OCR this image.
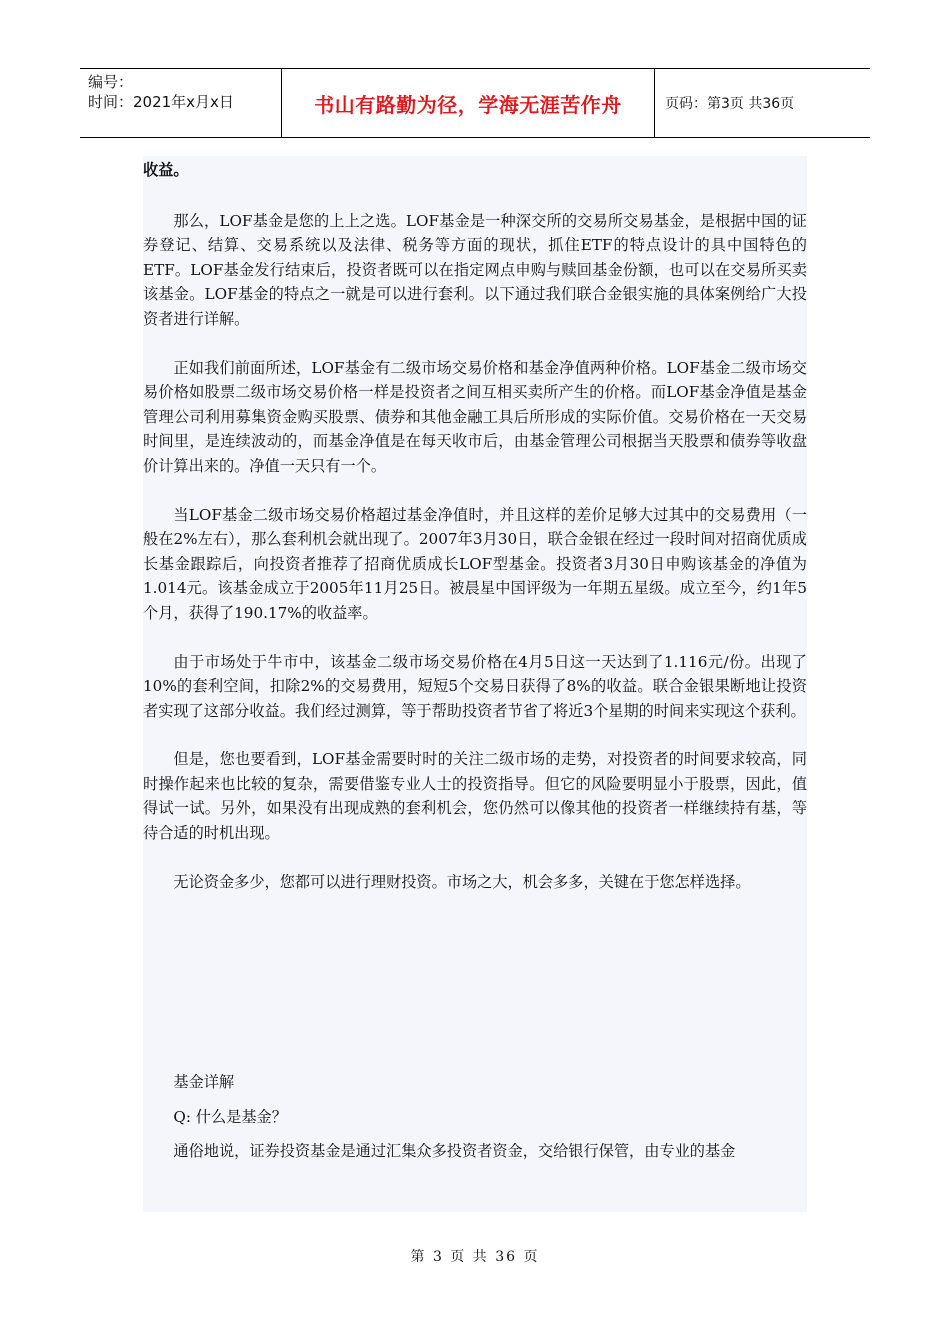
编号：
时间：2021年x月x日	书山有路勤为径，学海无涯苦作舟	页码：第3页 共36页

收益。

那么，LOF基金是您的上上之选。LOF基金是一种深交所的交易所交易基金，是根据中国的证券登记、结算、交易系统以及法律、税务等方面的现状，抓住ETF的特点设计的具中国特色的ETF。LOF基金发行结束后，投资者既可以在指定网点申购与赎回基金份额，也可以在交易所买卖该基金。LOF基金的特点之一就是可以进行套利。以下通过我们联合金银实施的具体案例给广大投资者进行详解。

正如我们前面所述，LOF基金有二级市场交易价格和基金净值两种价格。LOF基金二级市场交易价格如股票二级市场交易价格一样是投资者之间互相买卖所产生的价格。而LOF基金净值是基金管理公司利用募集资金购买股票、债券和其他金融工具后所形成的实际价值。交易价格在一天交易时间里，是连续波动的，而基金净值是在每天收市后，由基金管理公司根据当天股票和债券等收盘价计算出来的。净值一天只有一个。

当LOF基金二级市场交易价格超过基金净值时，并且这样的差价足够大过其中的交易费用（一般在2%左右），那么套利机会就出现了。2007年3月30日，联合金银在经过一段时间对招商优质成长基金跟踪后，向投资者推荐了招商优质成长LOF型基金。投资者3月30日申购该基金的净值为1.014元。该基金成立于2005年11月25日。被晨星中国评级为一年期五星级。成立至今，约1年5个月，获得了190.17%的收益率。

由于市场处于牛市中，该基金二级市场交易价格在4月5日这一天达到了1.116元/份。出现了10%的套利空间，扣除2%的交易费用，短短5个交易日获得了8%的收益。联合金银果断地让投资者实现了这部分收益。我们经过测算，等于帮助投资者节省了将近3个星期的时间来实现这个获利。

但是，您也要看到，LOF基金需要时时的关注二级市场的走势，对投资者的时间要求较高，同时操作起来也比较的复杂，需要借鉴专业人士的投资指导。但它的风险要明显小于股票，因此，值得试一试。另外，如果没有出现成熟的套利机会，您仍然可以像其他的投资者一样继续持有基，等待合适的时机出现。

无论资金多少，您都可以进行理财投资。市场之大，机会多多，关键在于您怎样选择。

基金详解

Q: 什么是基金？

通俗地说，证券投资基金是通过汇集众多投资者资金，交给银行保管，由专业的基金

第 3 页 共 36 页
